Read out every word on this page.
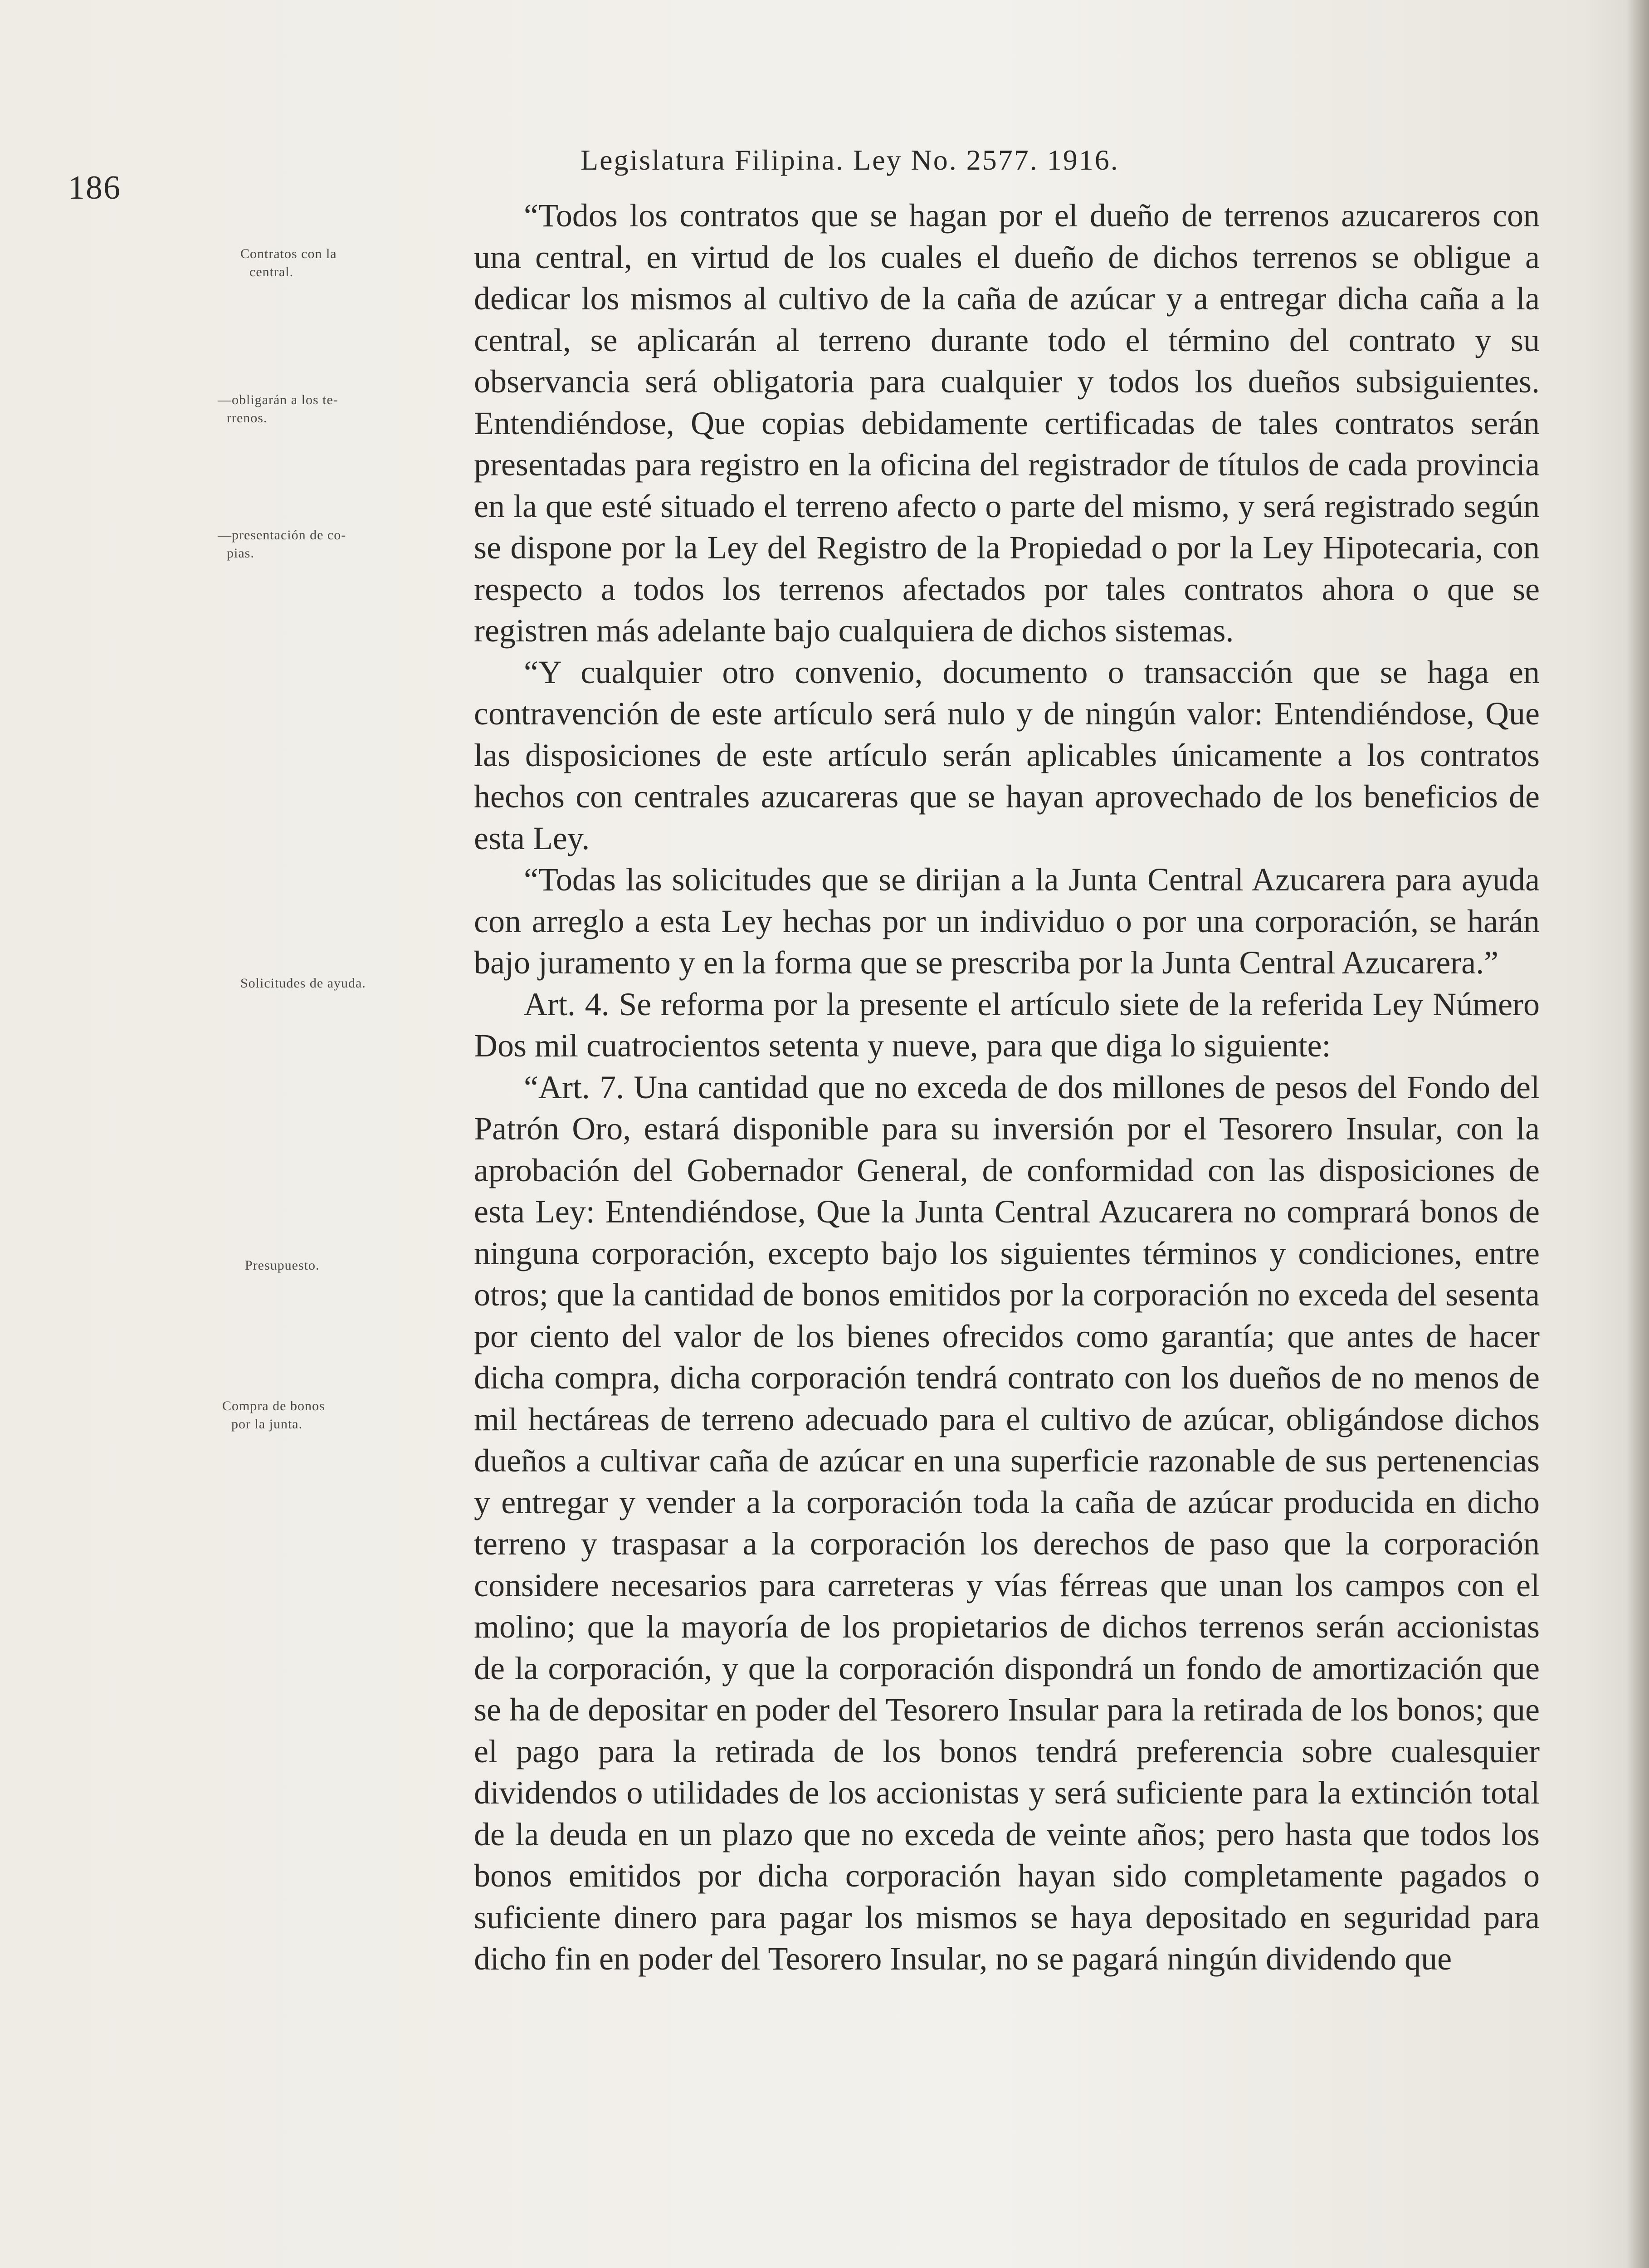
186
Legislatura Filipina. Ley No. 2577. 1916.
Contratos con la
central.
—obligarán a los te-
rrenos.
—presentación de co-
pias.
Solicitudes de ayuda.
Presupuesto.
Compra de bonos
por la junta.

“Todos los contratos que se hagan por el dueño de terrenos azucareros con una central, en virtud de los cuales el dueño de dichos terrenos se obligue a dedicar los mismos al cultivo de la caña de azúcar y a entregar dicha caña a la central, se aplicarán al terreno durante todo el término del contrato y su observancia será obligatoria para cualquier y todos los dueños subsiguientes. Entendiéndose, Que copias debidamente certificadas de tales contratos serán presentadas para registro en la oficina del registrador de títulos de cada provincia en la que esté situado el terreno afecto o parte del mismo, y será registrado según se dispone por la Ley del Registro de la Propiedad o por la Ley Hipotecaria, con respecto a todos los terrenos afectados por tales contratos ahora o que se registren más adelante bajo cualquiera de dichos sistemas.

“Y cualquier otro convenio, documento o transacción que se haga en contravención de este artículo será nulo y de ningún valor: Entendiéndose, Que las disposiciones de este artículo serán aplicables únicamente a los contratos hechos con centrales azucareras que se hayan aprovechado de los beneficios de esta Ley.

“Todas las solicitudes que se dirijan a la Junta Central Azucarera para ayuda con arreglo a esta Ley hechas por un individuo o por una corporación, se harán bajo juramento y en la forma que se prescriba por la Junta Central Azucarera.”

Art. 4. Se reforma por la presente el artículo siete de la referida Ley Número Dos mil cuatrocientos setenta y nueve, para que diga lo siguiente:

“Art. 7. Una cantidad que no exceda de dos millones de pesos del Fondo del Patrón Oro, estará disponible para su inversión por el Tesorero Insular, con la aprobación del Gobernador General, de conformidad con las disposiciones de esta Ley: Entendiéndose, Que la Junta Central Azucarera no comprará bonos de ninguna corporación, excepto bajo los siguientes términos y condiciones, entre otros; que la cantidad de bonos emitidos por la corporación no exceda del sesenta por ciento del valor de los bienes ofrecidos como garantía; que antes de hacer dicha compra, dicha corporación tendrá contrato con los dueños de no menos de mil hectáreas de terreno adecuado para el cultivo de azúcar, obligándose dichos dueños a cultivar caña de azúcar en una superficie razonable de sus pertenencias y entregar y vender a la corporación toda la caña de azúcar producida en dicho terreno y traspasar a la corporación los derechos de paso que la corporación considere necesarios para carreteras y vías férreas que unan los campos con el molino; que la mayoría de los propietarios de dichos terrenos serán accionistas de la corporación, y que la corporación dispondrá un fondo de amortización que se ha de depositar en poder del Tesorero Insular para la retirada de los bonos; que el pago para la retirada de los bonos tendrá preferencia sobre cualesquier dividendos o utilidades de los accionistas y será suficiente para la extinción total de la deuda en un plazo que no exceda de veinte años; pero hasta que todos los bonos emitidos por dicha corporación hayan sido completamente pagados o suficiente dinero para pagar los mismos se haya depositado en seguridad para dicho fin en poder del Tesorero Insular, no se pagará ningún dividendo que
